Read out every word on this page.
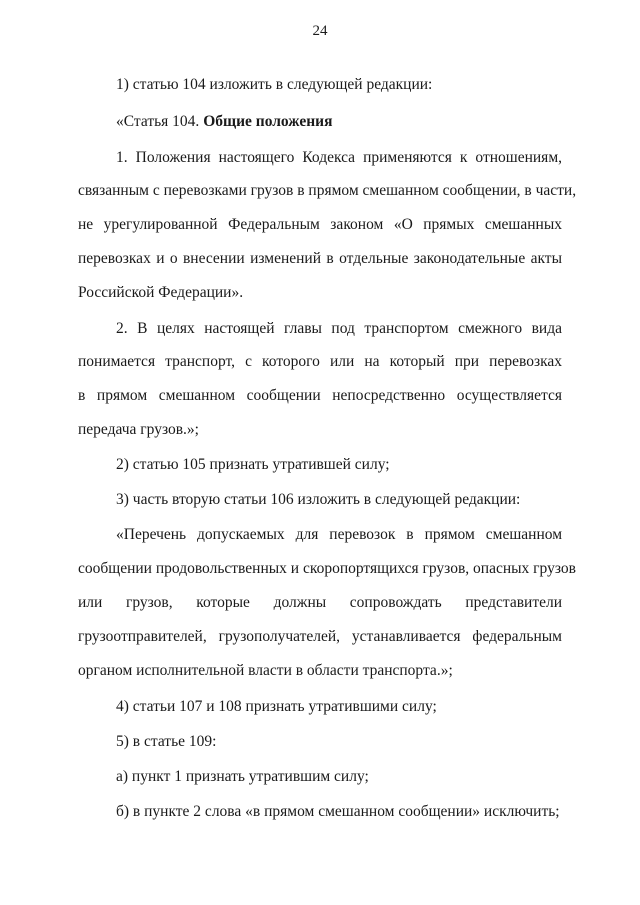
24
1) статью 104 изложить в следующей редакции:
«Статья 104. Общие положения
1. Положения настоящего Кодекса применяются к отношениям,
связанным с перевозками грузов в прямом смешанном сообщении, в части,
не урегулированной Федеральным законом «О прямых смешанных
перевозках и о внесении изменений в отдельные законодательные акты
Российской Федерации».
2. В целях настоящей главы под транспортом смежного вида
понимается транспорт, с которого или на который при перевозках
в прямом смешанном сообщении непосредственно осуществляется
передача грузов.»;
2) статью 105 признать утратившей силу;
3) часть вторую статьи 106 изложить в следующей редакции:
«Перечень допускаемых для перевозок в прямом смешанном
сообщении продовольственных и скоропортящихся грузов, опасных грузов
или грузов, которые должны сопровождать представители
грузоотправителей, грузополучателей, устанавливается федеральным
органом исполнительной власти в области транспорта.»;
4) статьи 107 и 108 признать утратившими силу;
5) в статье 109:
а) пункт 1 признать утратившим силу;
б) в пункте 2 слова «в прямом смешанном сообщении» исключить;
